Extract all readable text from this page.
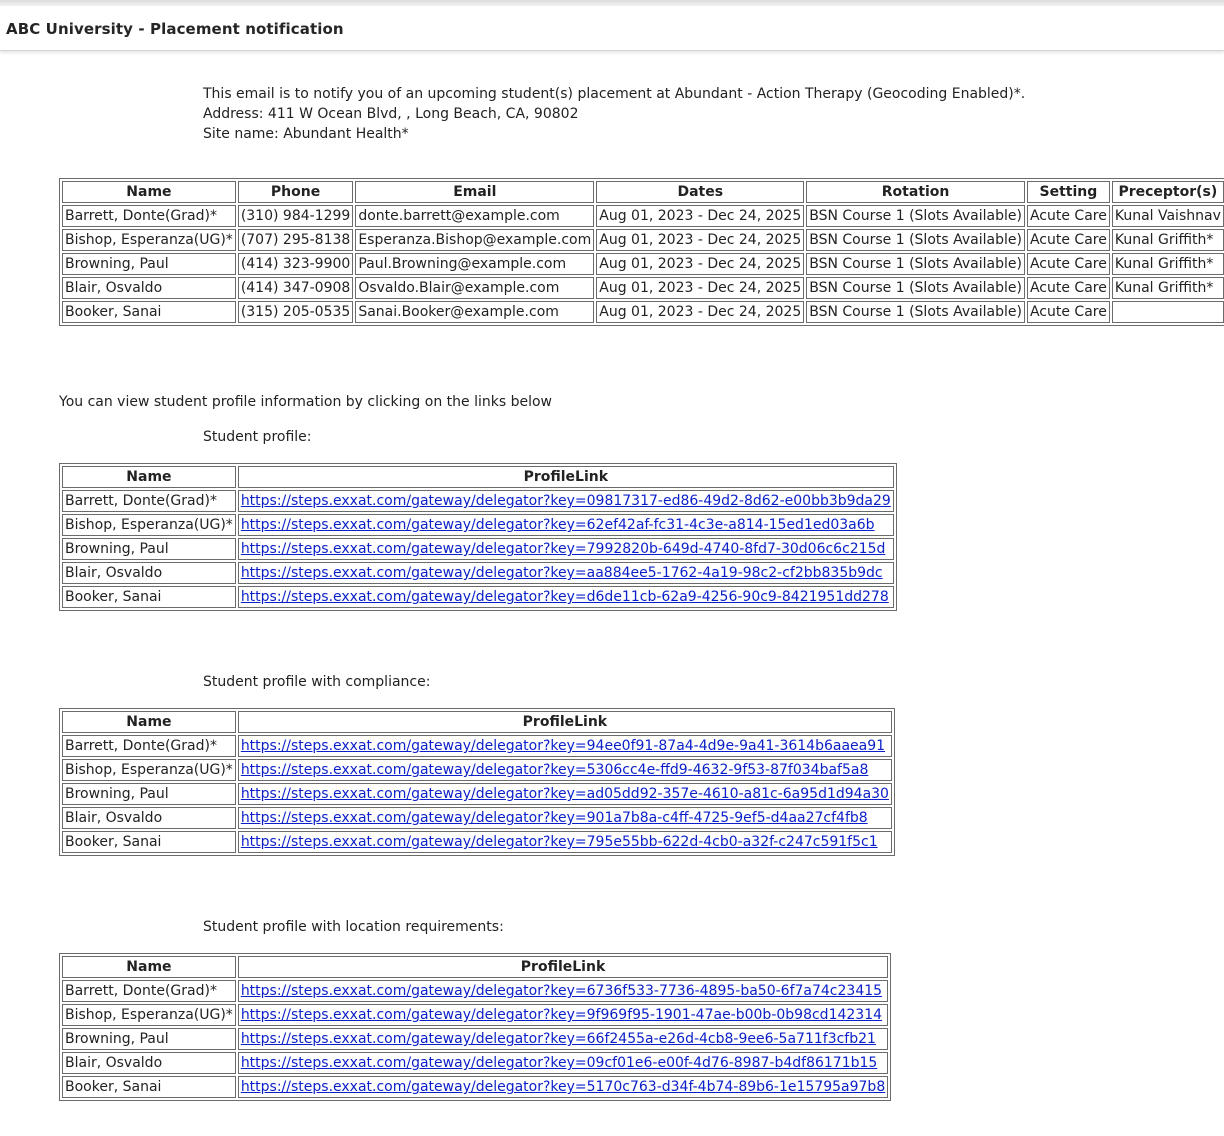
ABC University - Placement notification
This email is to notify you of an upcoming student(s) placement at Abundant - Action Therapy (Geocoding Enabled)*.
Address: 411 W Ocean Blvd, , Long Beach, CA, 90802
Site name: Abundant Health*
Name	Phone	Email	Dates	Rotation	Setting	Preceptor(s)
Barrett, Donte(Grad)*	(310) 984-1299	donte.barrett@example.com	Aug 01, 2023 - Dec 24, 2025	BSN Course 1 (Slots Available)	Acute Care	Kunal Vaishnav
Bishop, Esperanza(UG)*	(707) 295-8138	Esperanza.Bishop@example.com	Aug 01, 2023 - Dec 24, 2025	BSN Course 1 (Slots Available)	Acute Care	Kunal Griffith*
Browning, Paul	(414) 323-9900	Paul.Browning@example.com	Aug 01, 2023 - Dec 24, 2025	BSN Course 1 (Slots Available)	Acute Care	Kunal Griffith*
Blair, Osvaldo	(414) 347-0908	Osvaldo.Blair@example.com	Aug 01, 2023 - Dec 24, 2025	BSN Course 1 (Slots Available)	Acute Care	Kunal Griffith*
Booker, Sanai	(315) 205-0535	Sanai.Booker@example.com	Aug 01, 2023 - Dec 24, 2025	BSN Course 1 (Slots Available)	Acute Care	
You can view student profile information by clicking on the links below
Student profile:
Name	ProfileLink
Barrett, Donte(Grad)*	https://steps.exxat.com/gateway/delegator?key=09817317-ed86-49d2-8d62-e00bb3b9da29
Bishop, Esperanza(UG)*	https://steps.exxat.com/gateway/delegator?key=62ef42af-fc31-4c3e-a814-15ed1ed03a6b
Browning, Paul	https://steps.exxat.com/gateway/delegator?key=7992820b-649d-4740-8fd7-30d06c6c215d
Blair, Osvaldo	https://steps.exxat.com/gateway/delegator?key=aa884ee5-1762-4a19-98c2-cf2bb835b9dc
Booker, Sanai	https://steps.exxat.com/gateway/delegator?key=d6de11cb-62a9-4256-90c9-8421951dd278
Student profile with compliance:
Name	ProfileLink
Barrett, Donte(Grad)*	https://steps.exxat.com/gateway/delegator?key=94ee0f91-87a4-4d9e-9a41-3614b6aaea91
Bishop, Esperanza(UG)*	https://steps.exxat.com/gateway/delegator?key=5306cc4e-ffd9-4632-9f53-87f034baf5a8
Browning, Paul	https://steps.exxat.com/gateway/delegator?key=ad05dd92-357e-4610-a81c-6a95d1d94a30
Blair, Osvaldo	https://steps.exxat.com/gateway/delegator?key=901a7b8a-c4ff-4725-9ef5-d4aa27cf4fb8
Booker, Sanai	https://steps.exxat.com/gateway/delegator?key=795e55bb-622d-4cb0-a32f-c247c591f5c1
Student profile with location requirements:
Name	ProfileLink
Barrett, Donte(Grad)*	https://steps.exxat.com/gateway/delegator?key=6736f533-7736-4895-ba50-6f7a74c23415
Bishop, Esperanza(UG)*	https://steps.exxat.com/gateway/delegator?key=9f969f95-1901-47ae-b00b-0b98cd142314
Browning, Paul	https://steps.exxat.com/gateway/delegator?key=66f2455a-e26d-4cb8-9ee6-5a711f3cfb21
Blair, Osvaldo	https://steps.exxat.com/gateway/delegator?key=09cf01e6-e00f-4d76-8987-b4df86171b15
Booker, Sanai	https://steps.exxat.com/gateway/delegator?key=5170c763-d34f-4b74-89b6-1e15795a97b8
